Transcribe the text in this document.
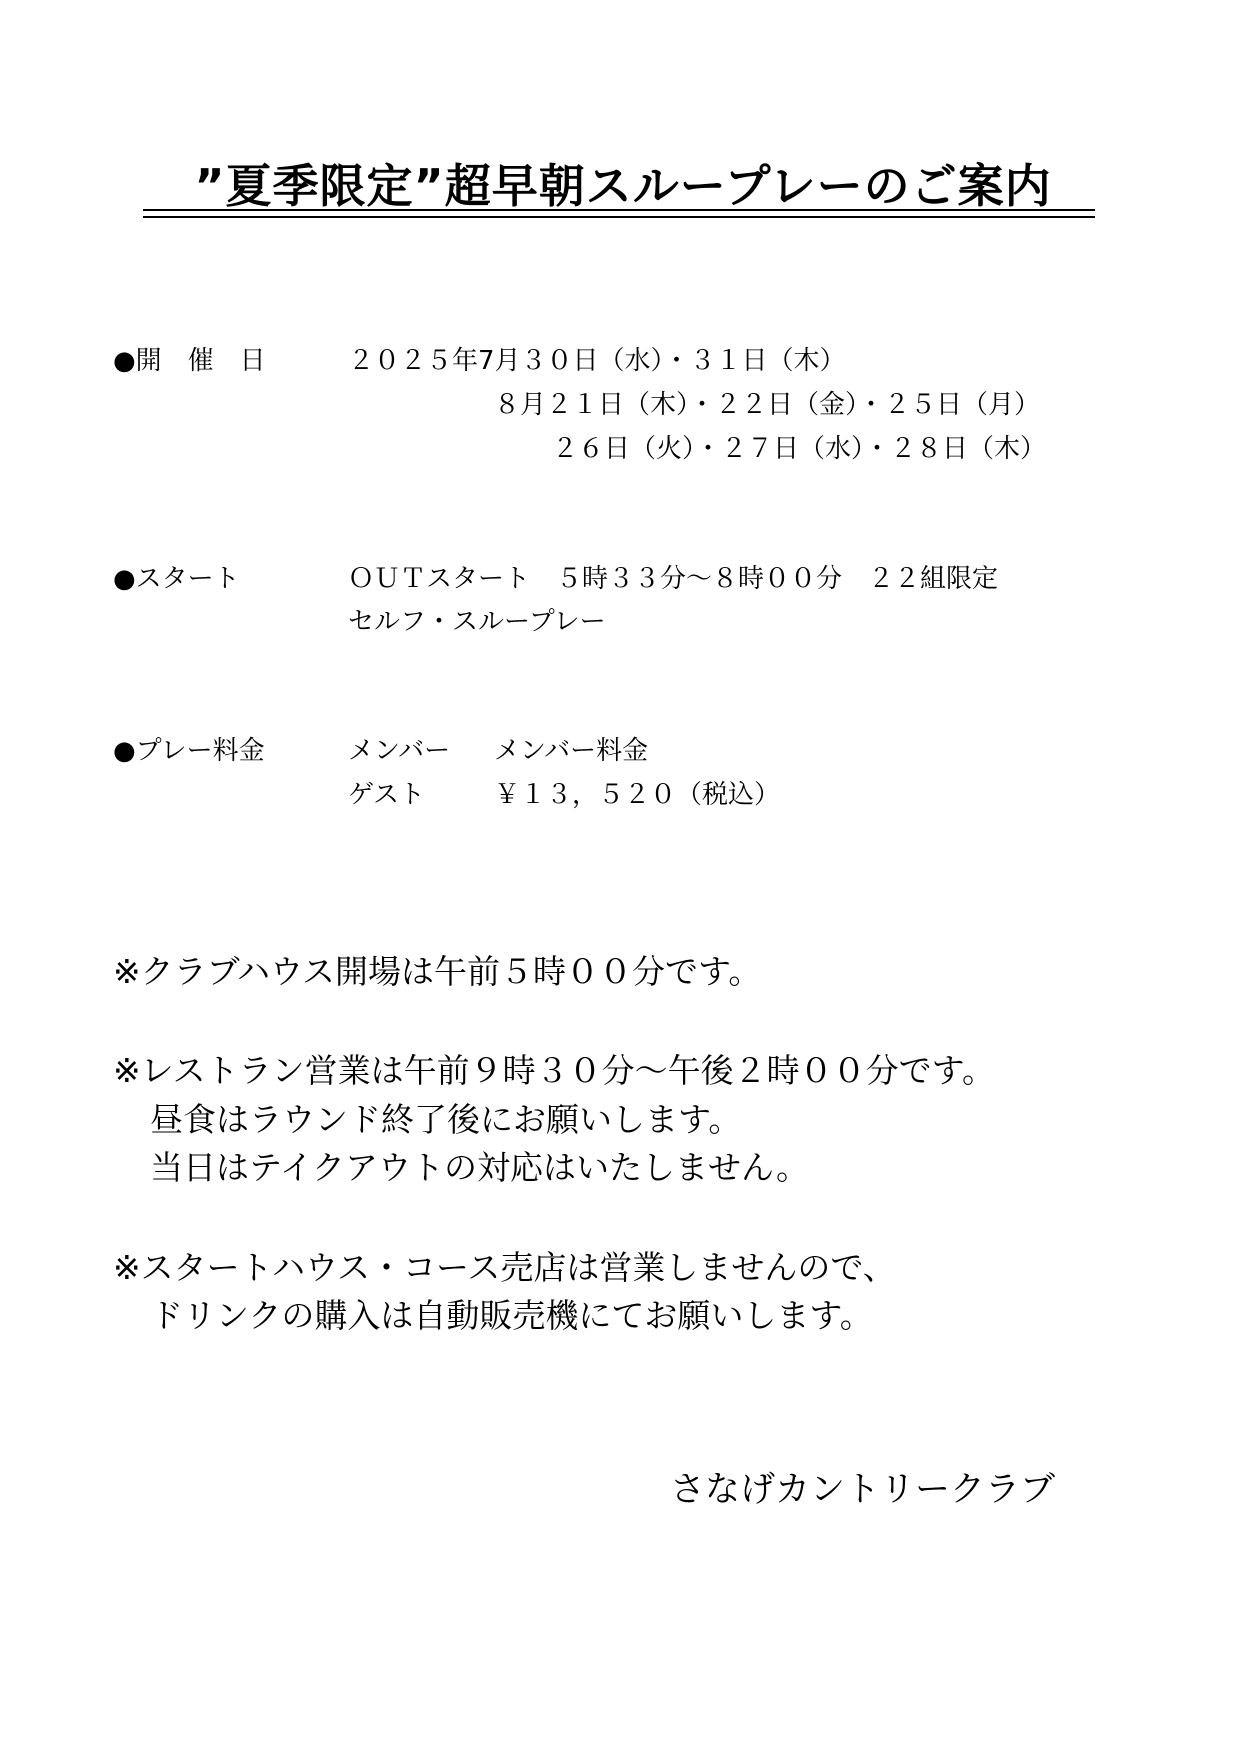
”夏季限定”超早朝スループレーのご案内
●開　催　日	２０２５年7月３０日（水）・３１日（木）
８月２１日（木）・２２日（金）・２５日（月）
２６日（火）・２７日（水）・２８日（木）
●スタート	ＯＵＴスタート　５時３３分～８時００分　２２組限定
セルフ・スループレー
●プレー料金	メンバー メンバー料金
ゲスト	￥１３，５２０（税込）
※クラブハウス開場は午前５時００分です。
※レストラン営業は午前９時３０分～午後２時００分です。
昼食はラウンド終了後にお願いします。
当日はテイクアウトの対応はいたしません。
※スタートハウス・コース売店は営業しませんので、
ドリンクの購入は自動販売機にてお願いします。
さなげカントリークラブ
